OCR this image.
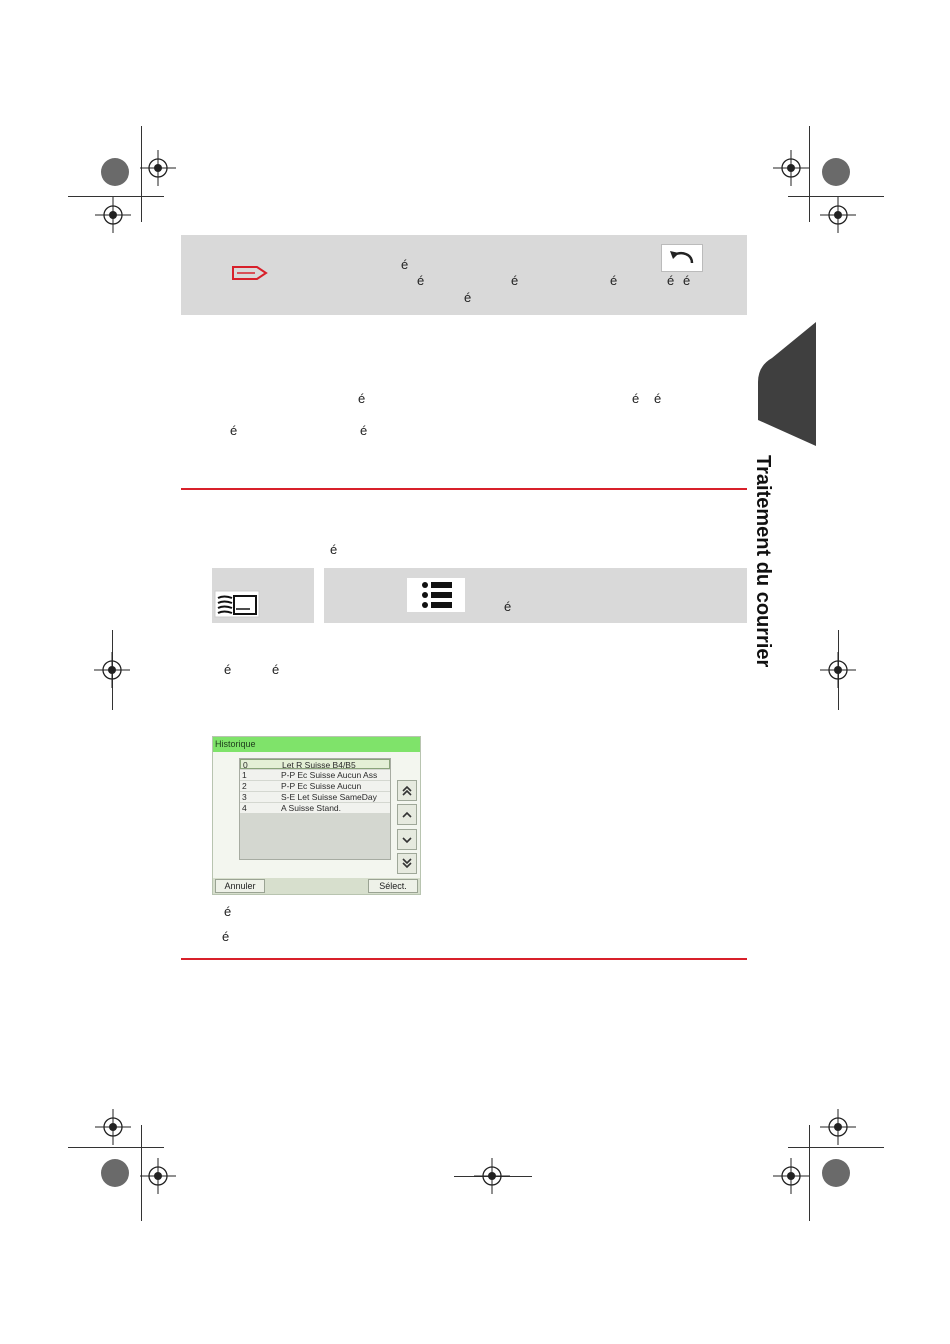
é
é	é	é	é é
é
é	é é
é	é
é
é
é	é
Historique
0	Let R Suisse B4/B5
1	P-P Ec Suisse Aucun Ass
2	P-P Ec Suisse Aucun
3	S-E Let Suisse SameDay
4	A Suisse Stand.
Annuler	Sélect.
é
é
Traitement du courrier
